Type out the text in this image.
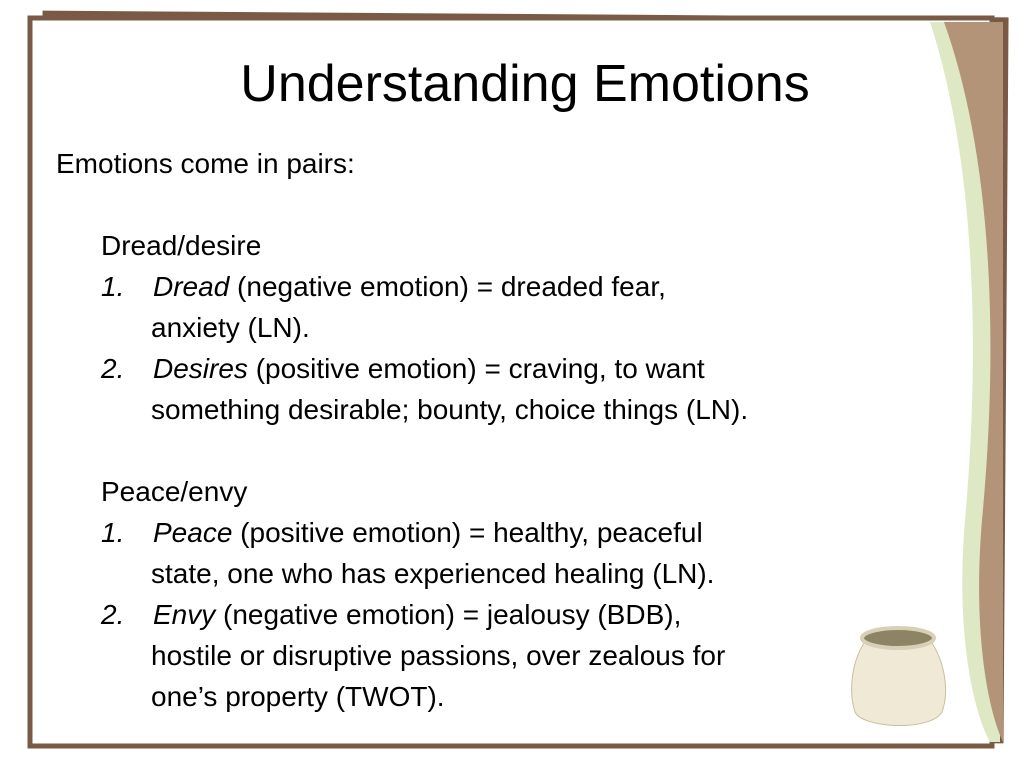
Understanding Emotions
Emotions come in pairs:
Dread/desire
1. Dread (negative emotion) = dreaded fear,
anxiety (LN).
2. Desires (positive emotion) = craving, to want
something desirable; bounty, choice things (LN).
Peace/envy
1. Peace (positive emotion) = healthy, peaceful
state, one who has experienced healing (LN).
2. Envy (negative emotion) = jealousy (BDB),
hostile or disruptive passions, over zealous for
one’s property (TWOT).
